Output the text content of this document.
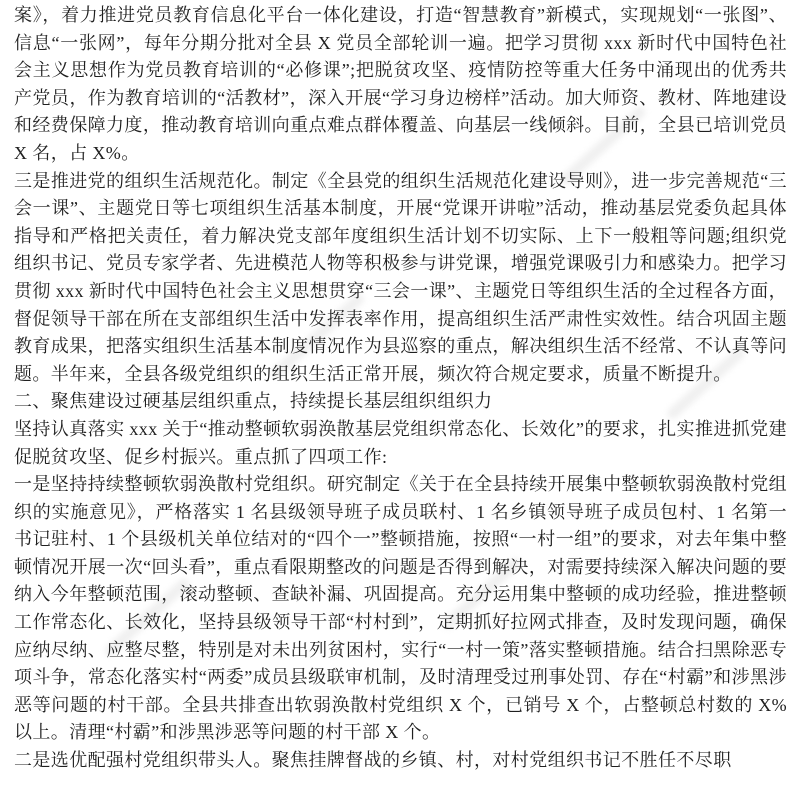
案》，着力推进党员教育信息化平台一体化建设，打造“智慧教育”新模式，实现规划“一张图”、信息“一张网”，每年分期分批对全县 X 党员全部轮训一遍。把学习贯彻 xxx 新时代中国特色社会主义思想作为党员教育培训的“必修课”;把脱贫攻坚、疫情防控等重大任务中涌现出的优秀共产党员，作为教育培训的“活教材”，深入开展“学习身边榜样”活动。加大师资、教材、阵地建设和经费保障力度，推动教育培训向重点难点群体覆盖、向基层一线倾斜。目前，全县已培训党员 X 名，占 X%。

三是推进党的组织生活规范化。制定《全县党的组织生活规范化建设导则》，进一步完善规范“三会一课”、主题党日等七项组织生活基本制度，开展“党课开讲啦”活动，推动基层党委负起具体指导和严格把关责任，着力解决党支部年度组织生活计划不切实际、上下一般粗等问题;组织党组织书记、党员专家学者、先进模范人物等积极参与讲党课，增强党课吸引力和感染力。把学习贯彻 xxx 新时代中国特色社会主义思想贯穿“三会一课”、主题党日等组织生活的全过程各方面，督促领导干部在所在支部组织生活中发挥表率作用，提高组织生活严肃性实效性。结合巩固主题教育成果，把落实组织生活基本制度情况作为县巡察的重点，解决组织生活不经常、不认真等问题。半年来，全县各级党组织的组织生活正常开展，频次符合规定要求，质量不断提升。

二、聚焦建设过硬基层组织重点，持续提长基层组织组织力

坚持认真落实 xxx 关于“推动整顿软弱涣散基层党组织常态化、长效化”的要求，扎实推进抓党建促脱贫攻坚、促乡村振兴。重点抓了四项工作:

一是坚持持续整顿软弱涣散村党组织。研究制定《关于在全县持续开展集中整顿软弱涣散村党组织的实施意见》，严格落实 1 名县级领导班子成员联村、1 名乡镇领导班子成员包村、1 名第一书记驻村、1 个县级机关单位结对的“四个一”整顿措施，按照“一村一组”的要求，对去年集中整顿情况开展一次“回头看”，重点看限期整改的问题是否得到解决，对需要持续深入解决问题的要纳入今年整顿范围，滚动整顿、查缺补漏、巩固提高。充分运用集中整顿的成功经验，推进整顿工作常态化、长效化，坚持县级领导干部“村村到”，定期抓好拉网式排查，及时发现问题，确保应纳尽纳、应整尽整，特别是对未出列贫困村，实行“一村一策”落实整顿措施。结合扫黑除恶专项斗争，常态化落实村“两委”成员县级联审机制，及时清理受过刑事处罚、存在“村霸”和涉黑涉恶等问题的村干部。全县共排查出软弱涣散村党组织 X 个，已销号 X 个，占整顿总村数的 X%以上。清理“村霸”和涉黑涉恶等问题的村干部 X 个。

二是选优配强村党组织带头人。聚焦挂牌督战的乡镇、村，对村党组织书记不胜任不尽职
